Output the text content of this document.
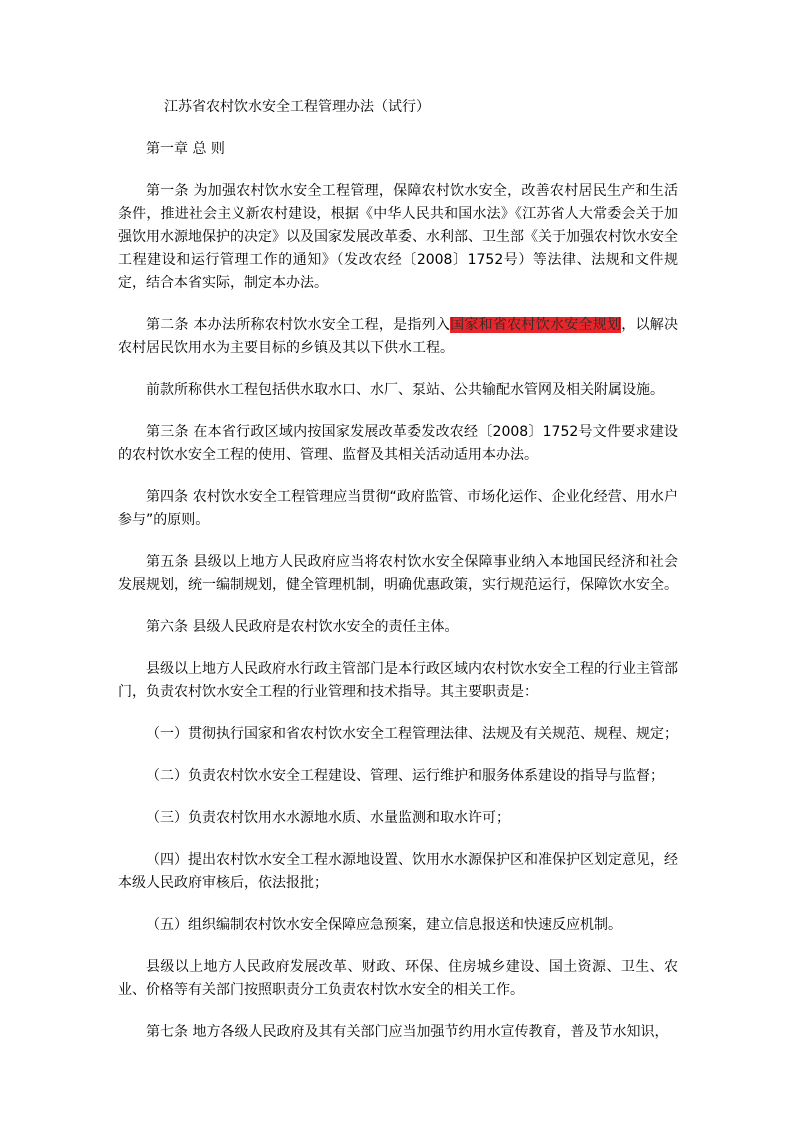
江苏省农村饮水安全工程管理办法（试行）

第一章 总 则

第一条 为加强农村饮水安全工程管理，保障农村饮水安全，改善农村居民生产和生活条件，推进社会主义新农村建设，根据《中华人民共和国水法》《江苏省人大常委会关于加强饮用水源地保护的决定》以及国家发展改革委、水利部、卫生部《关于加强农村饮水安全工程建设和运行管理工作的通知》（发改农经〔2008〕1752号）等法律、法规和文件规定，结合本省实际，制定本办法。

第二条 本办法所称农村饮水安全工程，是指列入国家和省农村饮水安全规划，以解决农村居民饮用水为主要目标的乡镇及其以下供水工程。

前款所称供水工程包括供水取水口、水厂、泵站、公共输配水管网及相关附属设施。

第三条 在本省行政区域内按国家发展改革委发改农经〔2008〕1752号文件要求建设的农村饮水安全工程的使用、管理、监督及其相关活动适用本办法。

第四条 农村饮水安全工程管理应当贯彻“政府监管、市场化运作、企业化经营、用水户参与”的原则。

第五条 县级以上地方人民政府应当将农村饮水安全保障事业纳入本地国民经济和社会发展规划，统一编制规划，健全管理机制，明确优惠政策，实行规范运行，保障饮水安全。

第六条 县级人民政府是农村饮水安全的责任主体。

县级以上地方人民政府水行政主管部门是本行政区域内农村饮水安全工程的行业主管部门，负责农村饮水安全工程的行业管理和技术指导。其主要职责是：

（一）贯彻执行国家和省农村饮水安全工程管理法律、法规及有关规范、规程、规定；

（二）负责农村饮水安全工程建设、管理、运行维护和服务体系建设的指导与监督；

（三）负责农村饮用水水源地水质、水量监测和取水许可；

（四）提出农村饮水安全工程水源地设置、饮用水水源保护区和准保护区划定意见，经本级人民政府审核后，依法报批；

（五）组织编制农村饮水安全保障应急预案，建立信息报送和快速反应机制。

县级以上地方人民政府发展改革、财政、环保、住房城乡建设、国土资源、卫生、农业、价格等有关部门按照职责分工负责农村饮水安全的相关工作。

第七条 地方各级人民政府及其有关部门应当加强节约用水宣传教育，普及节水知识，
